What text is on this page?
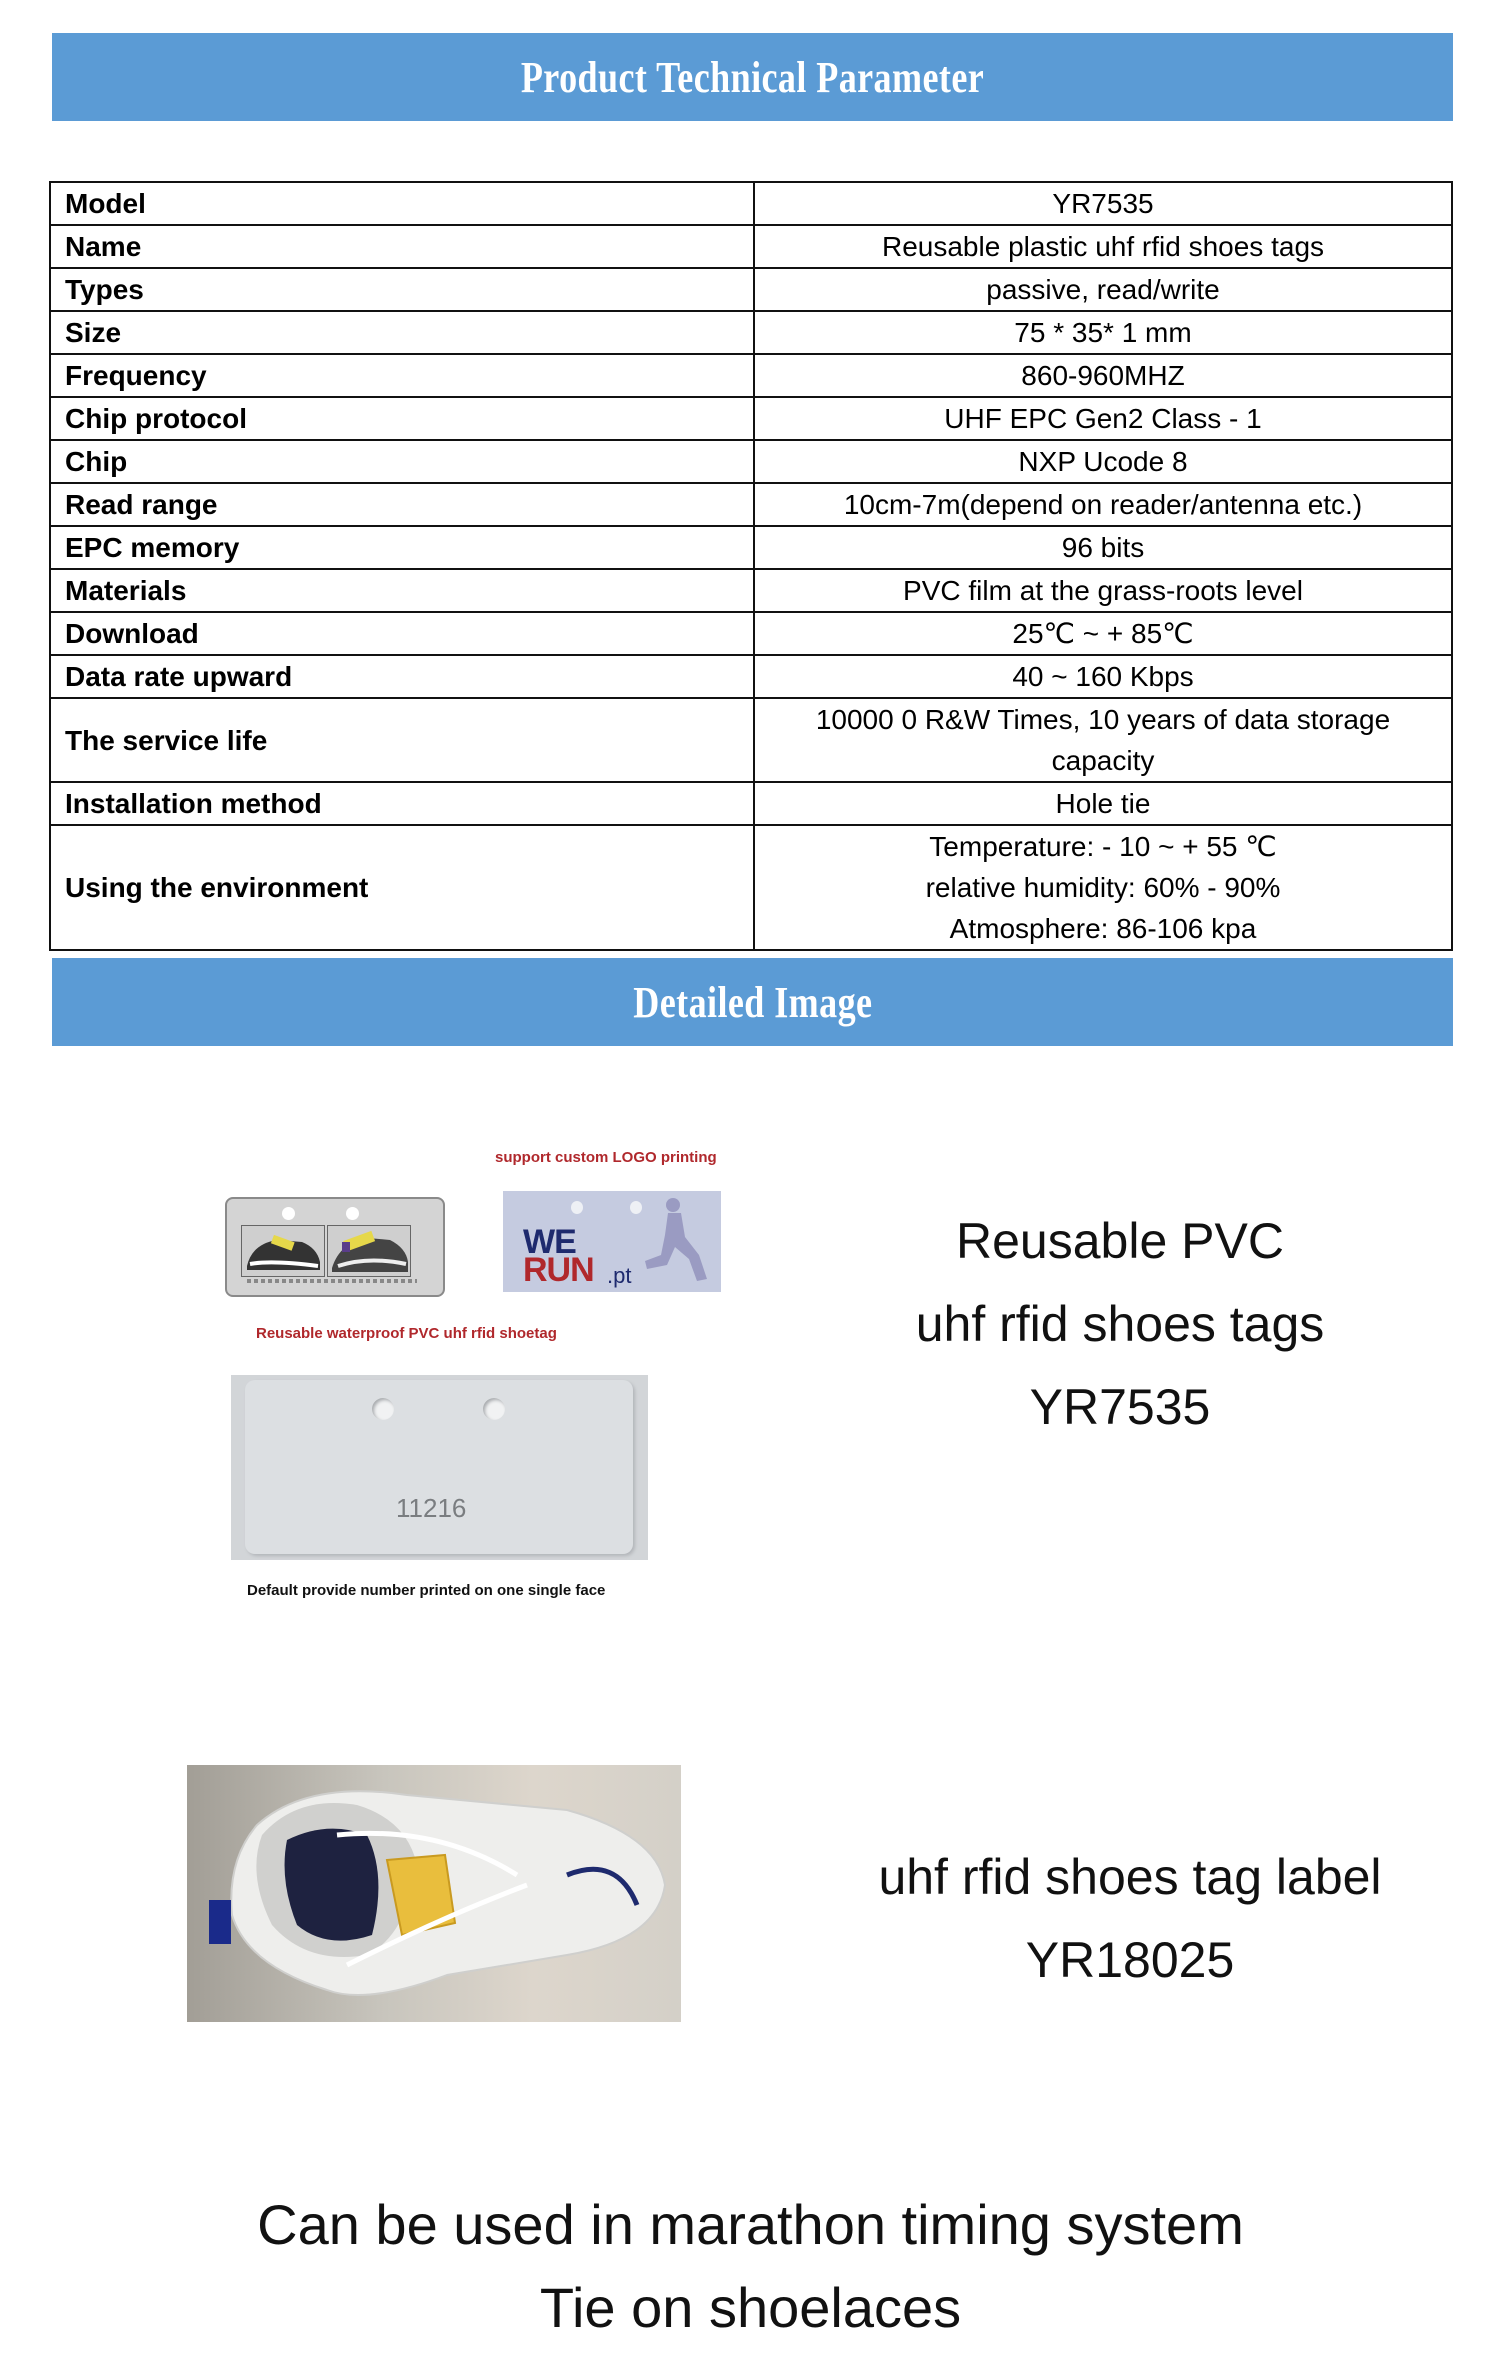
Product Technical Parameter
Model	YR7535

Name	Reusable plastic uhf rfid shoes tags

Types	passive, read/write

Size	75 * 35* 1 mm

Frequency	860-960MHZ

Chip protocol	UHF EPC Gen2 Class - 1

Chip	NXP Ucode 8

Read range	10cm-7m(depend on reader/antenna etc.)

EPC memory	96 bits

Materials	PVC film at the grass-roots level

Download	25℃ ~ + 85℃

Data rate upward	40 ~ 160 Kbps

The service life	10000 0 R&W Times, 10 years of data storage
capacity

Installation method	Hole tie

Using the environment	Temperature: - 10 ~ + 55 ℃
relative humidity: 60% - 90%
Atmosphere: 86-106 kpa
Detailed Image
support custom LOGO printing
WE
RUN .pt
Reusable waterproof PVC uhf rfid shoetag
11216
Default provide number printed on one single face
Reusable PVC
uhf rfid shoes tags
YR7535
uhf rfid shoes tag label
YR18025
Can be used in marathon timing system
Tie on shoelaces
